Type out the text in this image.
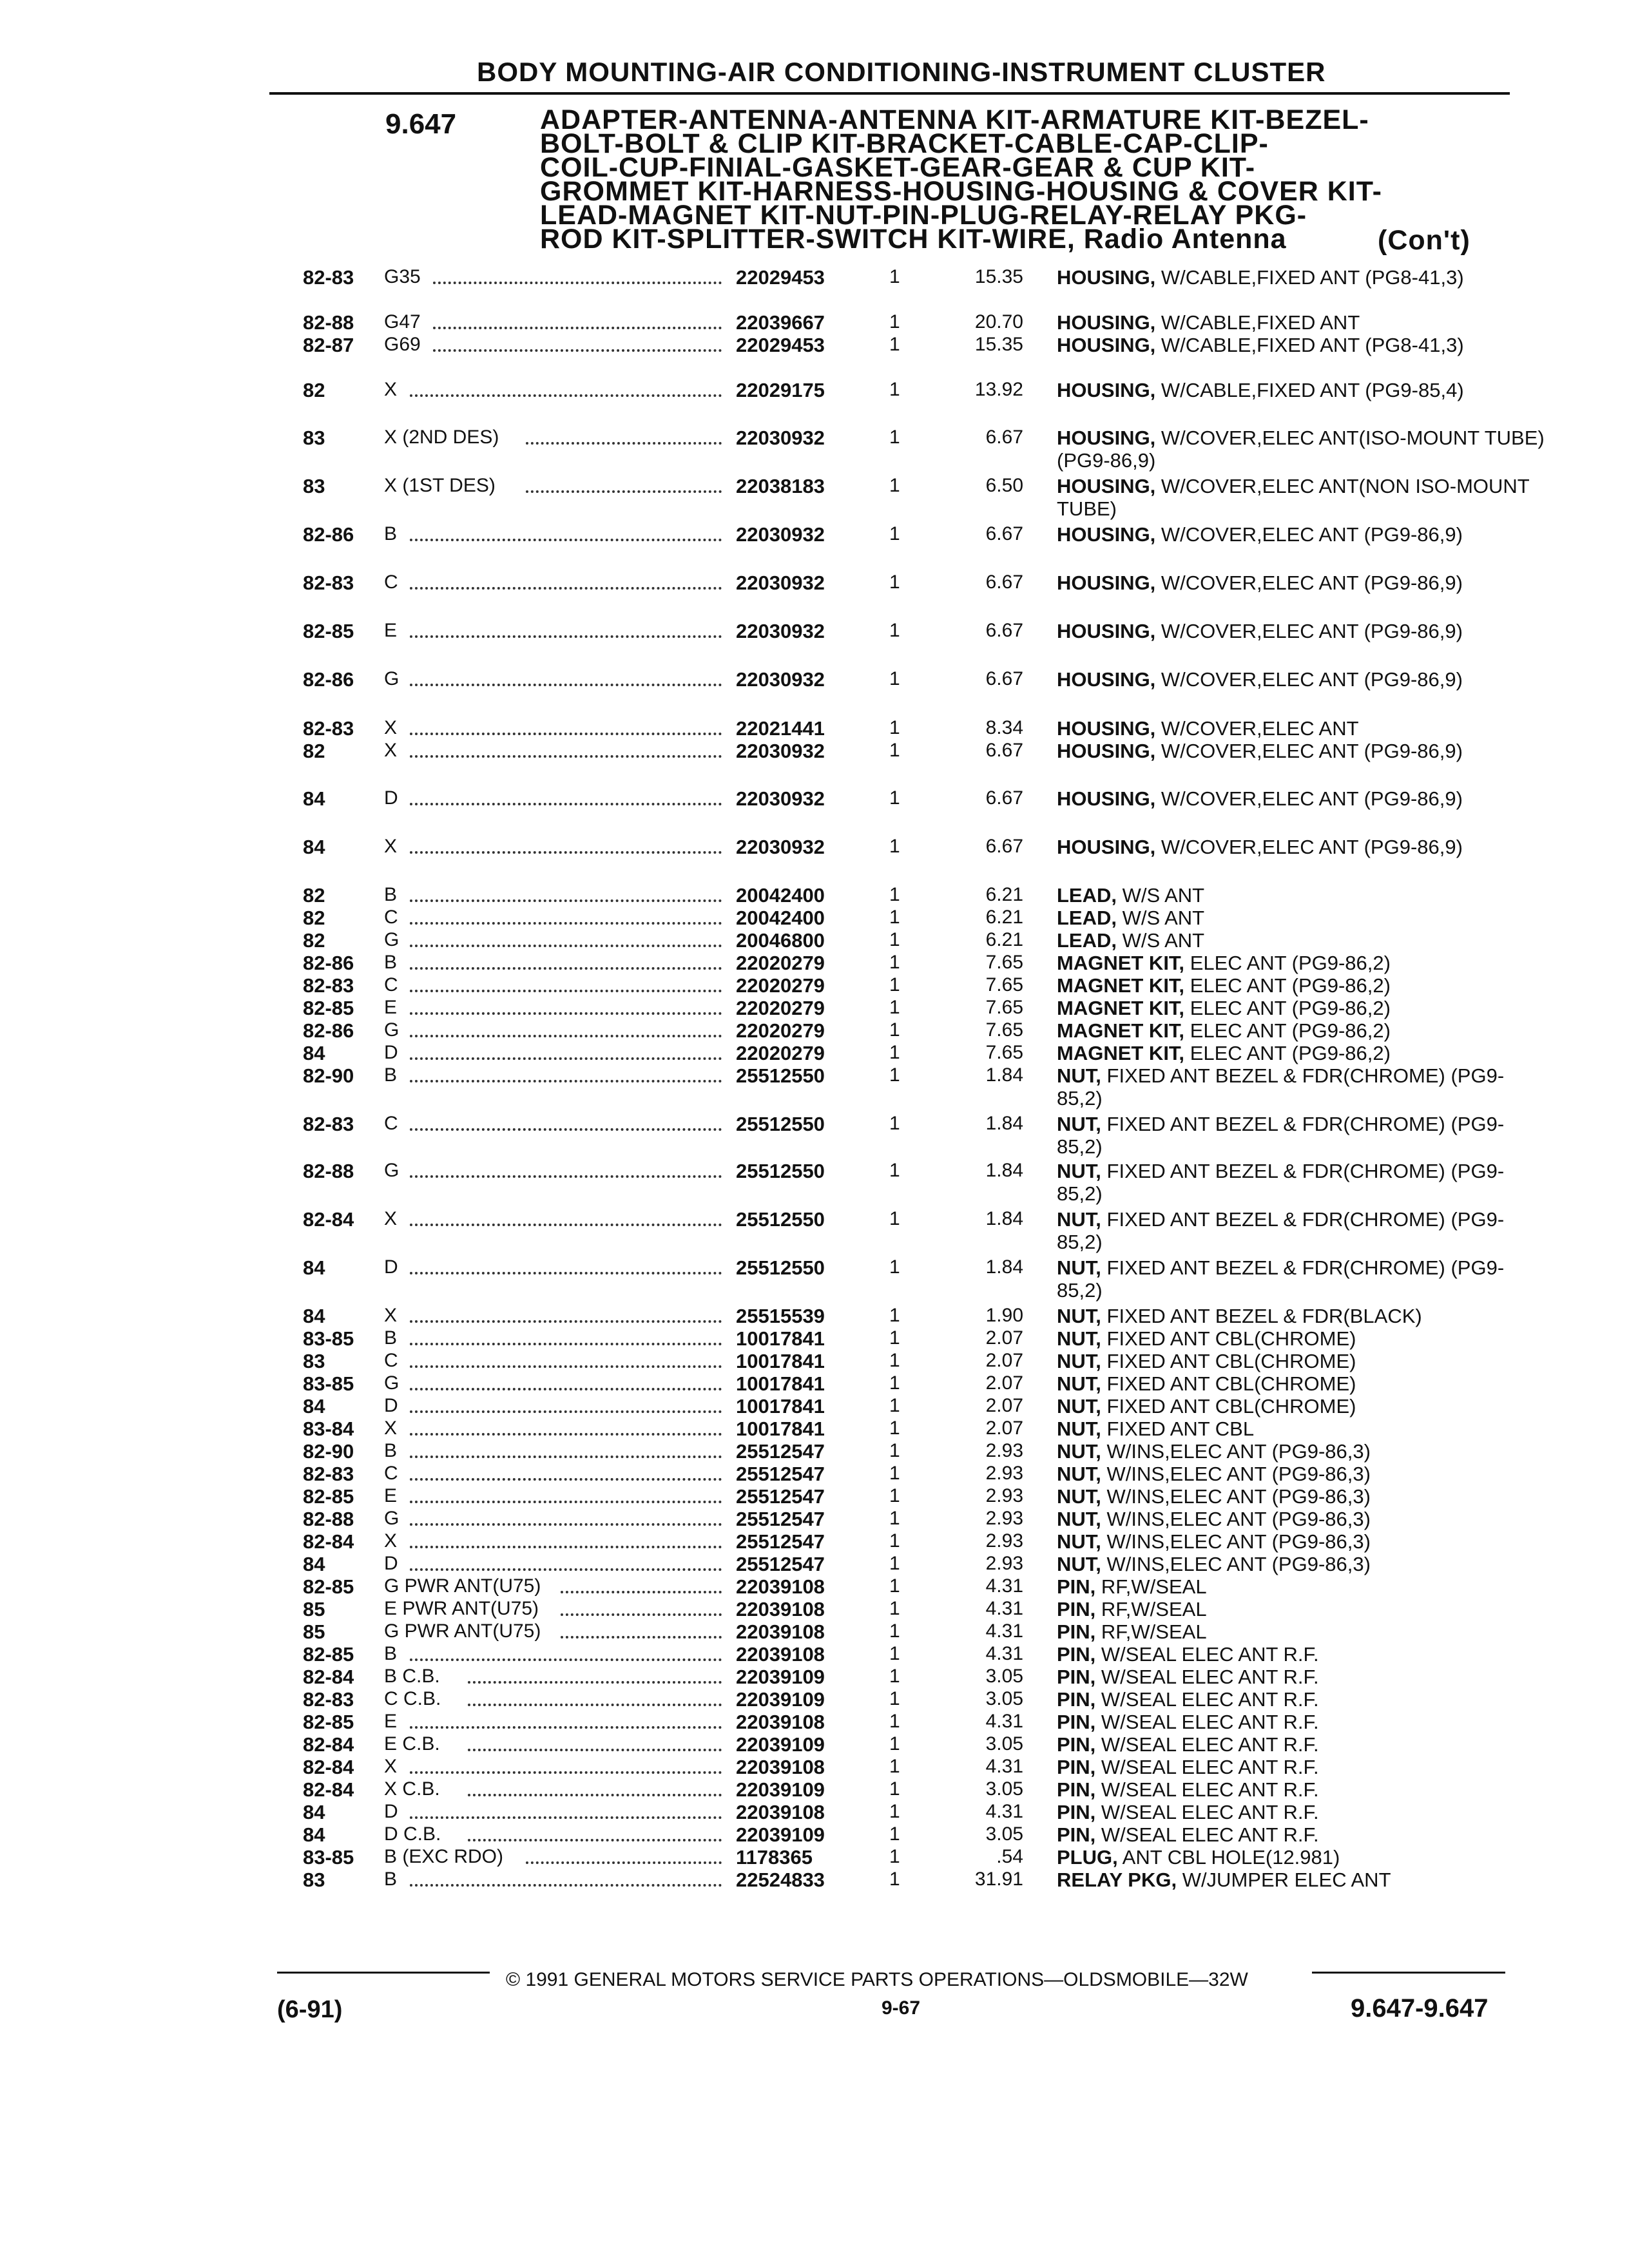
BODY MOUNTING-AIR CONDITIONING-INSTRUMENT CLUSTER
9.647	ADAPTER-ANTENNA-ANTENNA KIT-ARMATURE KIT-BEZEL-
BOLT-BOLT & CLIP KIT-BRACKET-CABLE-CAP-CLIP-
COIL-CUP-FINIAL-GASKET-GEAR-GEAR & CUP KIT-
GROMMET KIT-HARNESS-HOUSING-HOUSING & COVER KIT-
LEAD-MAGNET KIT-NUT-PIN-PLUG-RELAY-RELAY PKG-
ROD KIT-SPLITTER-SWITCH KIT-WIRE, Radio Antenna	(Con't)
82-83 G35	22029453	1	15.35 HOUSING, W/CABLE,FIXED ANT (PG8-41,3)
82-88 G47	22039667	1	20.70 HOUSING, W/CABLE,FIXED ANT
82-87 G69	22029453	1	15.35 HOUSING, W/CABLE,FIXED ANT (PG8-41,3)
82	X	22029175	1	13.92 HOUSING, W/CABLE,FIXED ANT (PG9-85,4)
83	X (2ND DES)	22030932	1	6.67 HOUSING, W/COVER,ELEC ANT(ISO-MOUNT TUBE) (PG9-86,9)
83	X (1ST DES)	22038183	1	6.50 HOUSING, W/COVER,ELEC ANT(NON ISO-MOUNT TUBE)
82-86 B	22030932	1	6.67 HOUSING, W/COVER,ELEC ANT (PG9-86,9)
82-83 C	22030932	1	6.67 HOUSING, W/COVER,ELEC ANT (PG9-86,9)
82-85 E	22030932	1	6.67 HOUSING, W/COVER,ELEC ANT (PG9-86,9)
82-86 G	22030932	1	6.67 HOUSING, W/COVER,ELEC ANT (PG9-86,9)
82-83 X	22021441	1	8.34 HOUSING, W/COVER,ELEC ANT
82	X	22030932	1	6.67 HOUSING, W/COVER,ELEC ANT (PG9-86,9)
84	D	22030932	1	6.67 HOUSING, W/COVER,ELEC ANT (PG9-86,9)
84	X	22030932	1	6.67 HOUSING, W/COVER,ELEC ANT (PG9-86,9)
82	B	20042400	1	6.21 LEAD, W/S ANT
82	C	20042400	1	6.21 LEAD, W/S ANT
82	G	20046800	1	6.21 LEAD, W/S ANT
82-86 B	22020279	1	7.65 MAGNET KIT, ELEC ANT (PG9-86,2)
82-83 C	22020279	1	7.65 MAGNET KIT, ELEC ANT (PG9-86,2)
82-85 E	22020279	1	7.65 MAGNET KIT, ELEC ANT (PG9-86,2)
82-86 G	22020279	1	7.65 MAGNET KIT, ELEC ANT (PG9-86,2)
84	D	22020279	1	7.65 MAGNET KIT, ELEC ANT (PG9-86,2)
82-90 B	25512550	1	1.84 NUT, FIXED ANT BEZEL & FDR(CHROME) (PG9-85,2)
82-83 C	25512550	1	1.84 NUT, FIXED ANT BEZEL & FDR(CHROME) (PG9-85,2)
82-88 G	25512550	1	1.84 NUT, FIXED ANT BEZEL & FDR(CHROME) (PG9-85,2)
82-84 X	25512550	1	1.84 NUT, FIXED ANT BEZEL & FDR(CHROME) (PG9-85,2)
84	D	25512550	1	1.84 NUT, FIXED ANT BEZEL & FDR(CHROME) (PG9-85,2)
84	X	25515539	1	1.90 NUT, FIXED ANT BEZEL & FDR(BLACK)
83-85 B	10017841	1	2.07 NUT, FIXED ANT CBL(CHROME)
83	C	10017841	1	2.07 NUT, FIXED ANT CBL(CHROME)
83-85 G	10017841	1	2.07 NUT, FIXED ANT CBL(CHROME)
84	D	10017841	1	2.07 NUT, FIXED ANT CBL(CHROME)
83-84 X	10017841	1	2.07 NUT, FIXED ANT CBL
82-90 B	25512547	1	2.93 NUT, W/INS,ELEC ANT (PG9-86,3)
82-83 C	25512547	1	2.93 NUT, W/INS,ELEC ANT (PG9-86,3)
82-85 E	25512547	1	2.93 NUT, W/INS,ELEC ANT (PG9-86,3)
82-88 G	25512547	1	2.93 NUT, W/INS,ELEC ANT (PG9-86,3)
82-84 X	25512547	1	2.93 NUT, W/INS,ELEC ANT (PG9-86,3)
84	D	25512547	1	2.93 NUT, W/INS,ELEC ANT (PG9-86,3)
82-85 G PWR ANT(U75)	22039108	1	4.31 PIN, RF,W/SEAL
85	E PWR ANT(U75)	22039108	1	4.31 PIN, RF,W/SEAL
85	G PWR ANT(U75)	22039108	1	4.31 PIN, RF,W/SEAL
82-85 B	22039108	1	4.31 PIN, W/SEAL ELEC ANT R.F.
82-84 B C.B.	22039109	1	3.05 PIN, W/SEAL ELEC ANT R.F.
82-83 C C.B.	22039109	1	3.05 PIN, W/SEAL ELEC ANT R.F.
82-85 E	22039108	1	4.31 PIN, W/SEAL ELEC ANT R.F.
82-84 E C.B.	22039109	1	3.05 PIN, W/SEAL ELEC ANT R.F.
82-84 X	22039108	1	4.31 PIN, W/SEAL ELEC ANT R.F.
82-84 X C.B.	22039109	1	3.05 PIN, W/SEAL ELEC ANT R.F.
84	D	22039108	1	4.31 PIN, W/SEAL ELEC ANT R.F.
84	D C.B.	22039109	1	3.05 PIN, W/SEAL ELEC ANT R.F.
83-85 B (EXC RDO)	1178365	1	.54 PLUG, ANT CBL HOLE(12.981)
83	B	22524833	1	31.91 RELAY PKG, W/JUMPER ELEC ANT
© 1991 GENERAL MOTORS SERVICE PARTS OPERATIONS—OLDSMOBILE—32W
(6-91)	9-67	9.647-9.647
